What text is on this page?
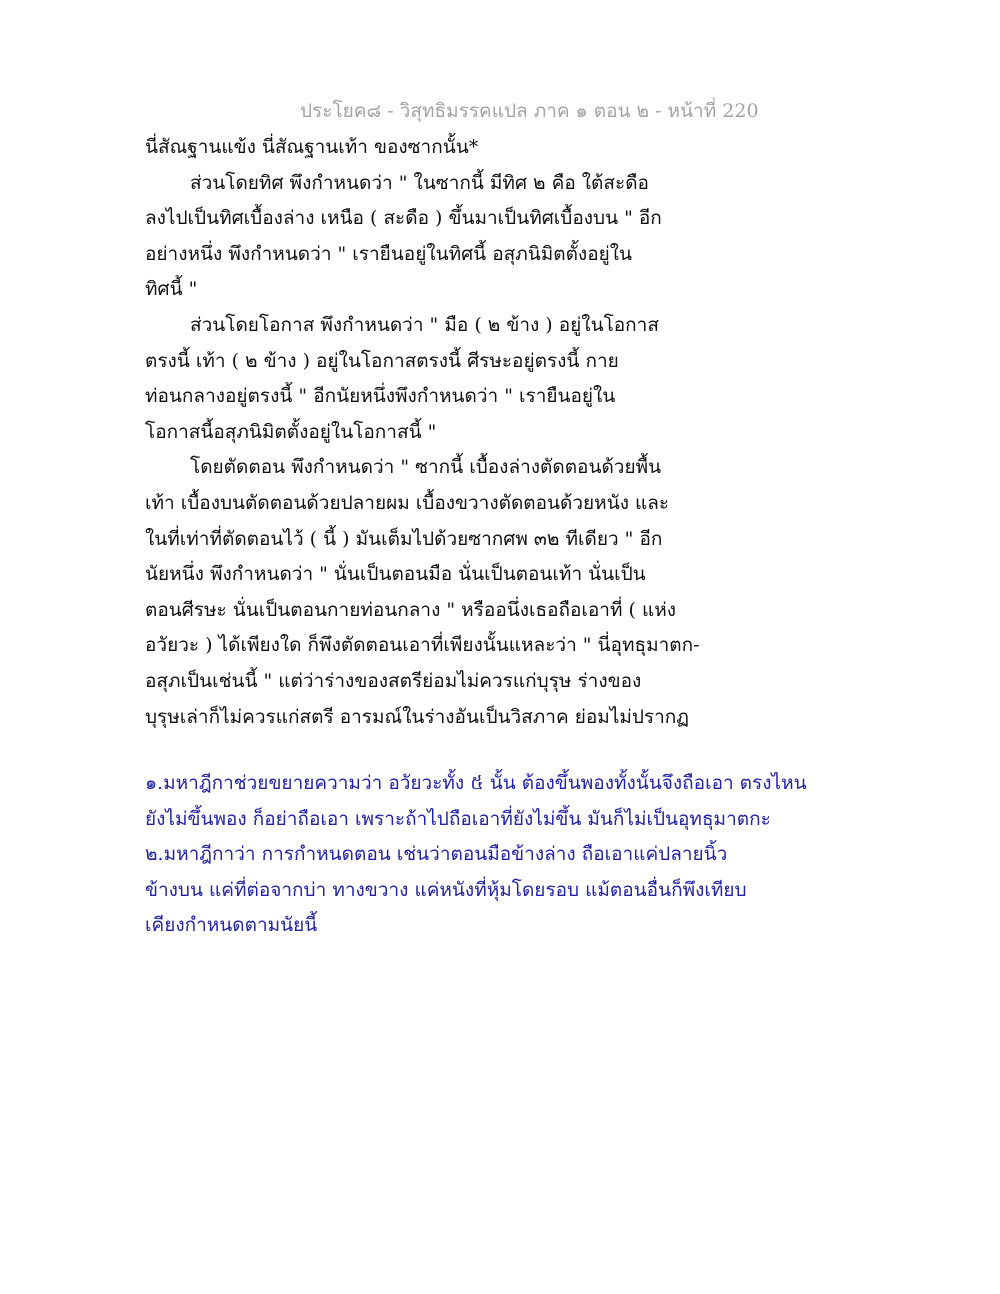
ประโยค๘ - วิสุทธิมรรคแปล ภาค ๑ ตอน ๒ - หน้าที่ 220
นี่สัณฐานแข้ง นี่สัณฐานเท้า ของซากนั้น*
ส่วนโดยทิศ พึงกำหนดว่า " ในซากนี้ มีทิศ ๒ คือ ใต้สะดือ
ลงไปเป็นทิศเบื้องล่าง เหนือ ( สะดือ ) ขึ้นมาเป็นทิศเบื้องบน " อีก
อย่างหนึ่ง พึงกำหนดว่า " เรายืนอยู่ในทิศนี้ อสุภนิมิตตั้งอยู่ใน
ทิศนี้ "
ส่วนโดยโอกาส พึงกำหนดว่า " มือ ( ๒ ข้าง ) อยู่ในโอกาส
ตรงนี้ เท้า ( ๒ ข้าง ) อยู่ในโอกาสตรงนี้ ศีรษะอยู่ตรงนี้ กาย
ท่อนกลางอยู่ตรงนี้ " อีกนัยหนึ่งพึงกำหนดว่า " เรายืนอยู่ใน
โอกาสนี้อสุภนิมิตตั้งอยู่ในโอกาสนี้ "
โดยตัดตอน พึงกำหนดว่า " ซากนี้ เบื้องล่างตัดตอนด้วยพื้น
เท้า เบื้องบนตัดตอนด้วยปลายผม เบื้องขวางตัดตอนด้วยหนัง และ
ในที่เท่าที่ตัดตอนไว้ ( นี้ ) มันเต็มไปด้วยซากศพ ๓๒ ทีเดียว " อีก
นัยหนึ่ง พึงกำหนดว่า " นั่นเป็นตอนมือ นั่นเป็นตอนเท้า นั่นเป็น
ตอนศีรษะ นั่นเป็นตอนกายท่อนกลาง " หรืออนึ่งเธอถือเอาที่ ( แห่ง
อวัยวะ ) ได้เพียงใด ก็พึงตัดตอนเอาที่เพียงนั้นแหละว่า " นี่อุทธุมาตก-
อสุภเป็นเช่นนี้ " แต่ว่าร่างของสตรีย่อมไม่ควรแก่บุรุษ ร่างของ
บุรุษเล่าก็ไม่ควรแก่สตรี อารมณ์ในร่างอันเป็นวิสภาค ย่อมไม่ปรากฏ
๑.มหาฎีกาช่วยขยายความว่า อวัยวะทั้ง ៥ นั้น ต้องขึ้นพองทั้งนั้นจึงถือเอา ตรงไหน
ยังไม่ขึ้นพอง ก็อย่าถือเอา เพราะถ้าไปถือเอาที่ยังไม่ขึ้น มันก็ไม่เป็นอุทธุมาตกะ
๒.มหาฎีกาว่า การกำหนดตอน เช่นว่าตอนมือข้างล่าง ถือเอาแค่ปลายนิ้ว
ข้างบน แค่ที่ต่อจากบ่า ทางขวาง แค่หนังที่หุ้มโดยรอบ แม้ตอนอื่นก็พึงเทียบ
เคียงกำหนดตามนัยนี้
